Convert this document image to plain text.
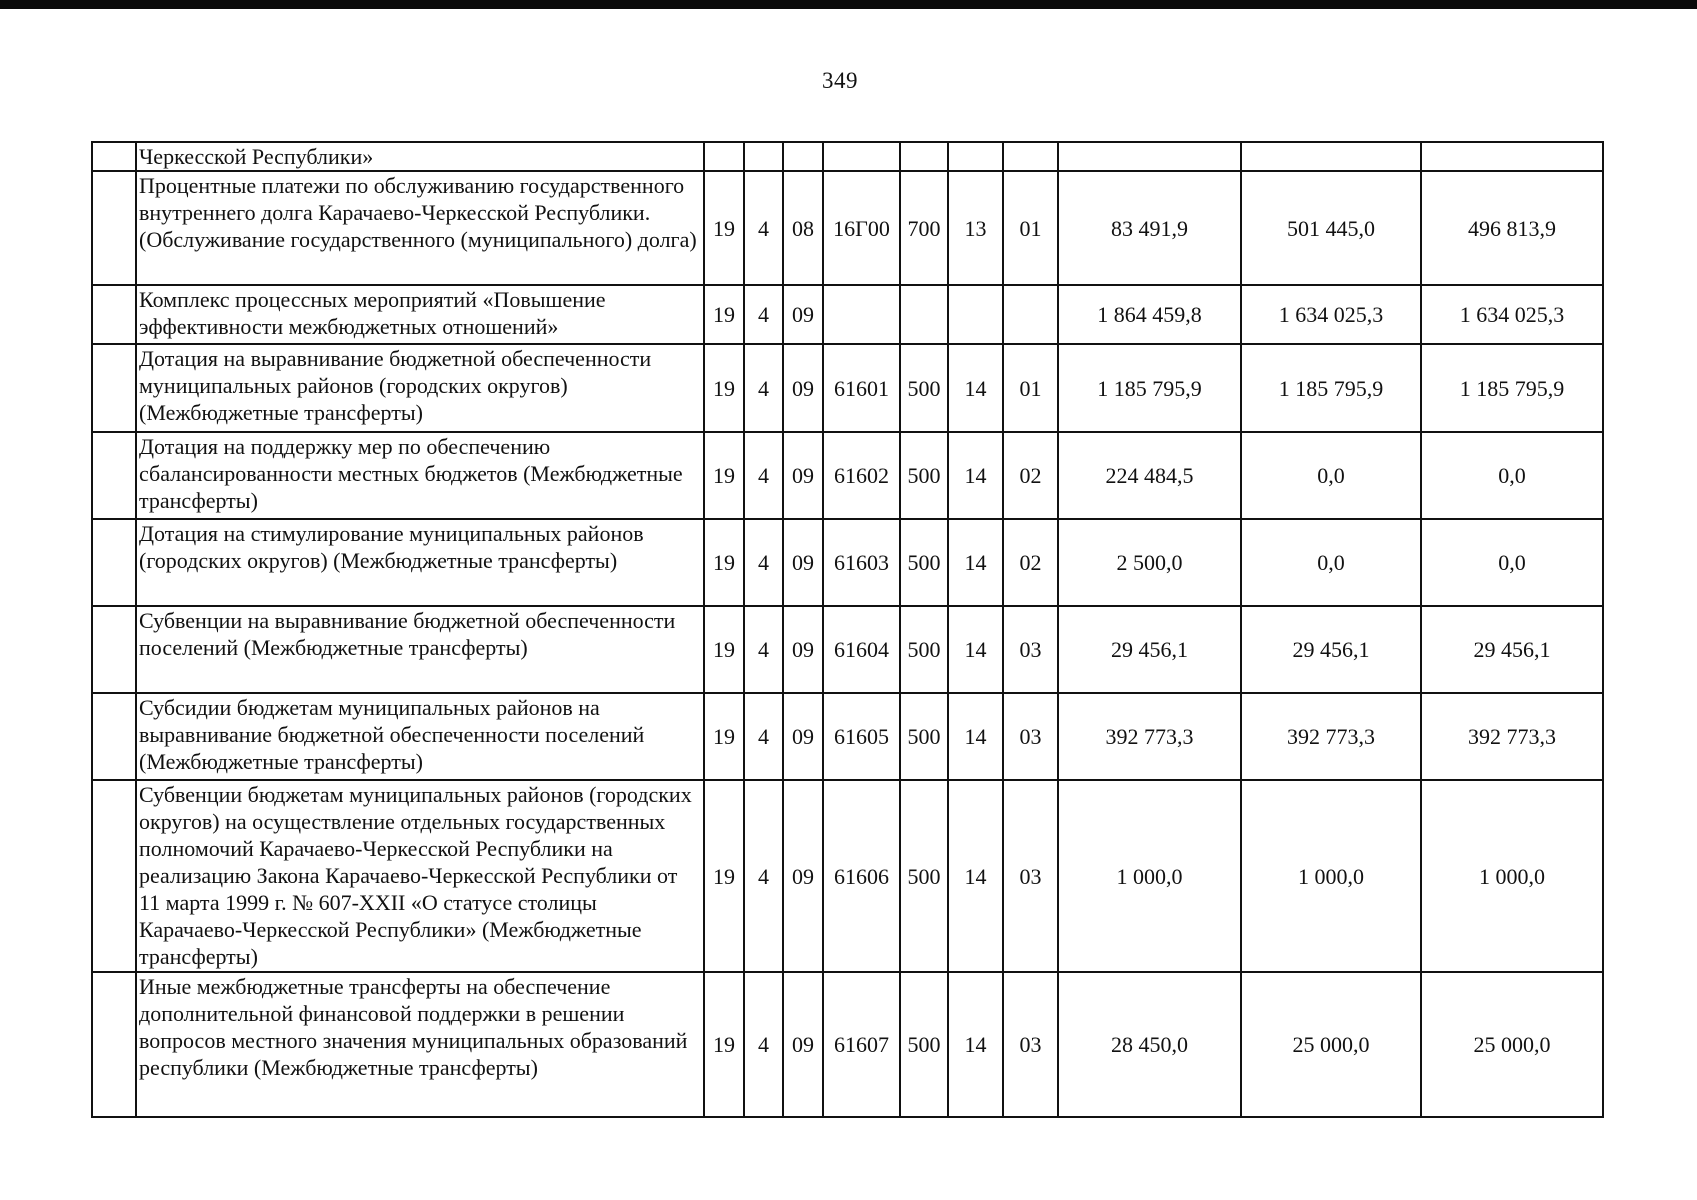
349
	Черкесской Республики»										
	Процентные платежи по обслуживанию государственного внутреннего долга Карачаево-Черкесской Республики. (Обслуживание государственного (муниципального) долга)	19	4	08	16Г00	700	13	01	83 491,9	501 445,0	496 813,9
	Комплекс процессных мероприятий «Повышение эффективности межбюджетных отношений»	19	4	09					1 864 459,8	1 634 025,3	1 634 025,3
	Дотация на выравнивание бюджетной обеспеченности муниципальных районов (городских округов) (Межбюджетные трансферты)	19	4	09	61601	500	14	01	1 185 795,9	1 185 795,9	1 185 795,9
	Дотация на поддержку мер по обеспечению сбалансированности местных бюджетов (Межбюджетные трансферты)	19	4	09	61602	500	14	02	224 484,5	0,0	0,0
	Дотация на стимулирование муниципальных районов (городских округов) (Межбюджетные трансферты)	19	4	09	61603	500	14	02	2 500,0	0,0	0,0
	Субвенции на выравнивание бюджетной обеспеченности поселений (Межбюджетные трансферты)	19	4	09	61604	500	14	03	29 456,1	29 456,1	29 456,1
	Субсидии бюджетам муниципальных районов на выравнивание бюджетной обеспеченности поселений (Межбюджетные трансферты)	19	4	09	61605	500	14	03	392 773,3	392 773,3	392 773,3
	Субвенции бюджетам муниципальных районов (городских округов) на осуществление отдельных государственных полномочий Карачаево-Черкесской Республики на реализацию Закона Карачаево-Черкесской Республики от 11 марта 1999 г. № 607-XXII «О статусе столицы Карачаево-Черкесской Республики» (Межбюджетные трансферты)	19	4	09	61606	500	14	03	1 000,0	1 000,0	1 000,0
	Иные межбюджетные трансферты на обеспечение дополнительной финансовой поддержки в решении вопросов местного значения муниципальных образований республики (Межбюджетные трансферты)	19	4	09	61607	500	14	03	28 450,0	25 000,0	25 000,0
